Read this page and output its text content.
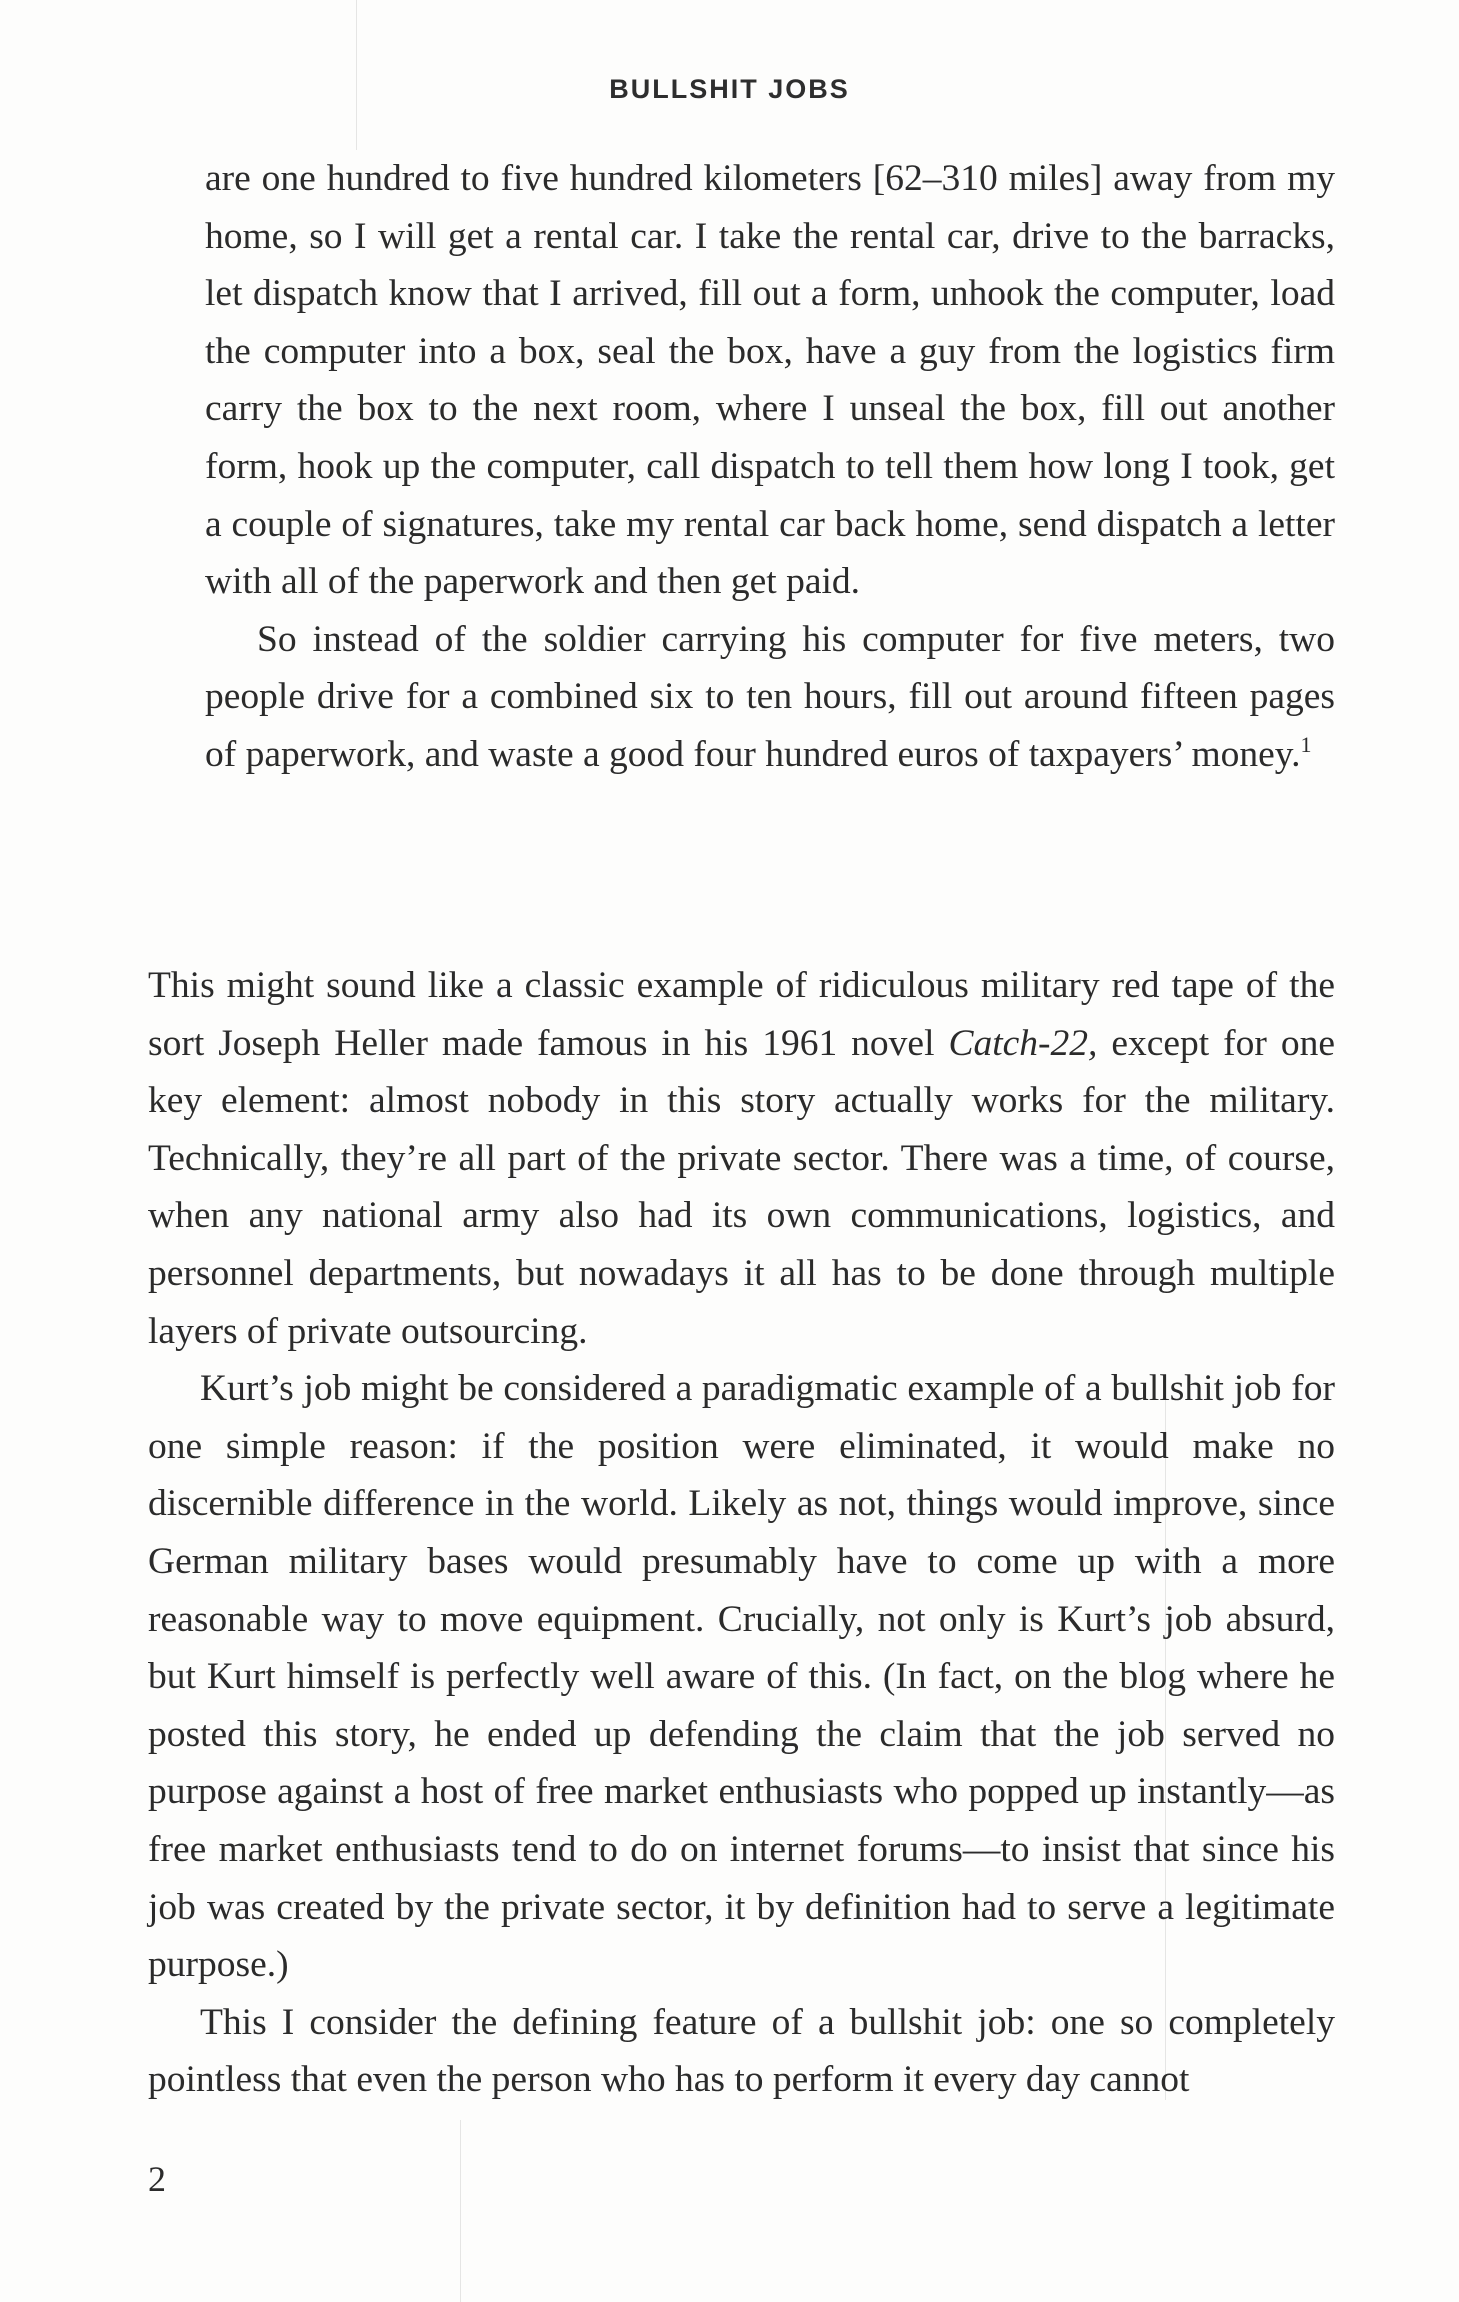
BULLSHIT JOBS

are one hundred to five hundred kilometers [62–310 miles] away from my home, so I will get a rental car. I take the rental car, drive to the barracks, let dispatch know that I arrived, fill out a form, unhook the computer, load the computer into a box, seal the box, have a guy from the logistics firm carry the box to the next room, where I unseal the box, fill out another form, hook up the computer, call dispatch to tell them how long I took, get a couple of signatures, take my rental car back home, send dispatch a letter with all of the paperwork and then get paid.

So instead of the soldier carrying his computer for five meters, two people drive for a combined six to ten hours, fill out around fifteen pages of paperwork, and waste a good four hundred euros of taxpayers’ money.$^1$

This might sound like a classic example of ridiculous military red tape of the sort Joseph Heller made famous in his 1961 novel Catch-22, except for one key element: almost nobody in this story actually works for the military. Technically, they’re all part of the private sector. There was a time, of course, when any national army also had its own communications, logistics, and personnel departments, but nowadays it all has to be done through multiple layers of private outsourcing.

Kurt’s job might be considered a paradigmatic example of a bullshit job for one simple reason: if the position were eliminated, it would make no discernible difference in the world. Likely as not, things would improve, since German military bases would presumably have to come up with a more reasonable way to move equipment. Crucially, not only is Kurt’s job absurd, but Kurt himself is perfectly well aware of this. (In fact, on the blog where he posted this story, he ended up defending the claim that the job served no purpose against a host of free market enthusiasts who popped up instantly—as free market enthusiasts tend to do on internet forums—to insist that since his job was created by the private sector, it by definition had to serve a legitimate purpose.)

This I consider the defining feature of a bullshit job: one so completely pointless that even the person who has to perform it every day cannot

2
